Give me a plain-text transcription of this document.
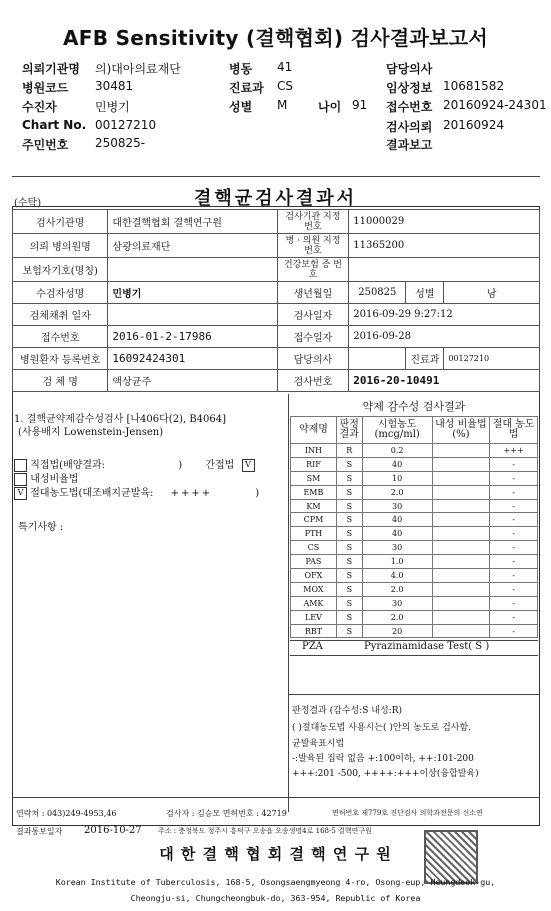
AFB Sensitivity (결핵협회) 검사결과보고서
의뢰기관명 의)대아의료재단	병동 41	담당의사
병원코드 30481	진료과 CS	임상정보 10681582
수진자	민병기	성별 M	나이 91 접수번호 20160924-24301
Chart No. 00127210	검사의뢰 20160924
주민번호 250825-	결과보고
결핵균검사결과서
(수탁)
검사기관명	대한결핵협회 결핵연구원	검사기관 지정번호	11000029		
의뢰 병의원명	삼광의료재단	병 · 의원 지정번호	11365200		
보험자기호(명칭)		건강보험 증 번 호			
수검자성명	민병기	생년월일	250825	성별	남
검체채취 일자		검사일자	2016-09-29 9:27:12		
접수번호	2016-01-2-17986	접수일자	2016-09-28		
병원환자 등록번호	16092424301	담당의사		진료과	00127210
검 체 명	액상균주	검사번호	2016-20-10491		
1. 결핵균약제감수성검사 [나406다(2), B4064]
(사용배지 Lowenstein-Jensen)
직접법(배양결과:	) 간접법 V
내성비율법
V 절대농도법(대조배지균발육: ++++	)
특기사항 :
약제 감수성 검사결과
약제명	판정 결과	시험농도 (mcg/ml)	내성 비율법(%)	절대 농도법
INH	R	0.2		+++
RIF	S	40		-
SM	S	10		-
EMB	S	2.0		-
KM	S	30		-
CPM	S	40		-
PTH	S	40		-
CS	S	30		-
PAS	S	1.0		-
OFX	S	4.0		-
MOX	S	2.0		-
AMK	S	30		-
LEV	S	2.0		-
RBT	S	20		-
PZA	Pyrazinamidase Test( S )
판정결과 (감수성:S 내성:R)
( )절대농도법 사용시는( )안의 농도로 검사함.
균발육표시법
-:발육된 집락 없음 +:100이하, ++:101-200
+++:201 -500, ++++:+++이상(융합발육)
연락처 : 043)249-4953,46	검사자 : 김승모 면허번호 : 42719	면허번호 제779호 진단검사 의학과전문의 신소연
결과통보일자 2016-10-27 주소 : 충청북도 청주시 흥덕구 오송읍 오송생명4로 168-5 결핵연구원
대 한 결 핵 협 회 결 핵 연 구 원
Korean Institute of Tuberculosis, 168-5, Osongsaengmyeong 4-ro, Osong-eup, Heungdeok-gu,
Cheongju-si, Chungcheongbuk-do, 363-954, Republic of Korea
